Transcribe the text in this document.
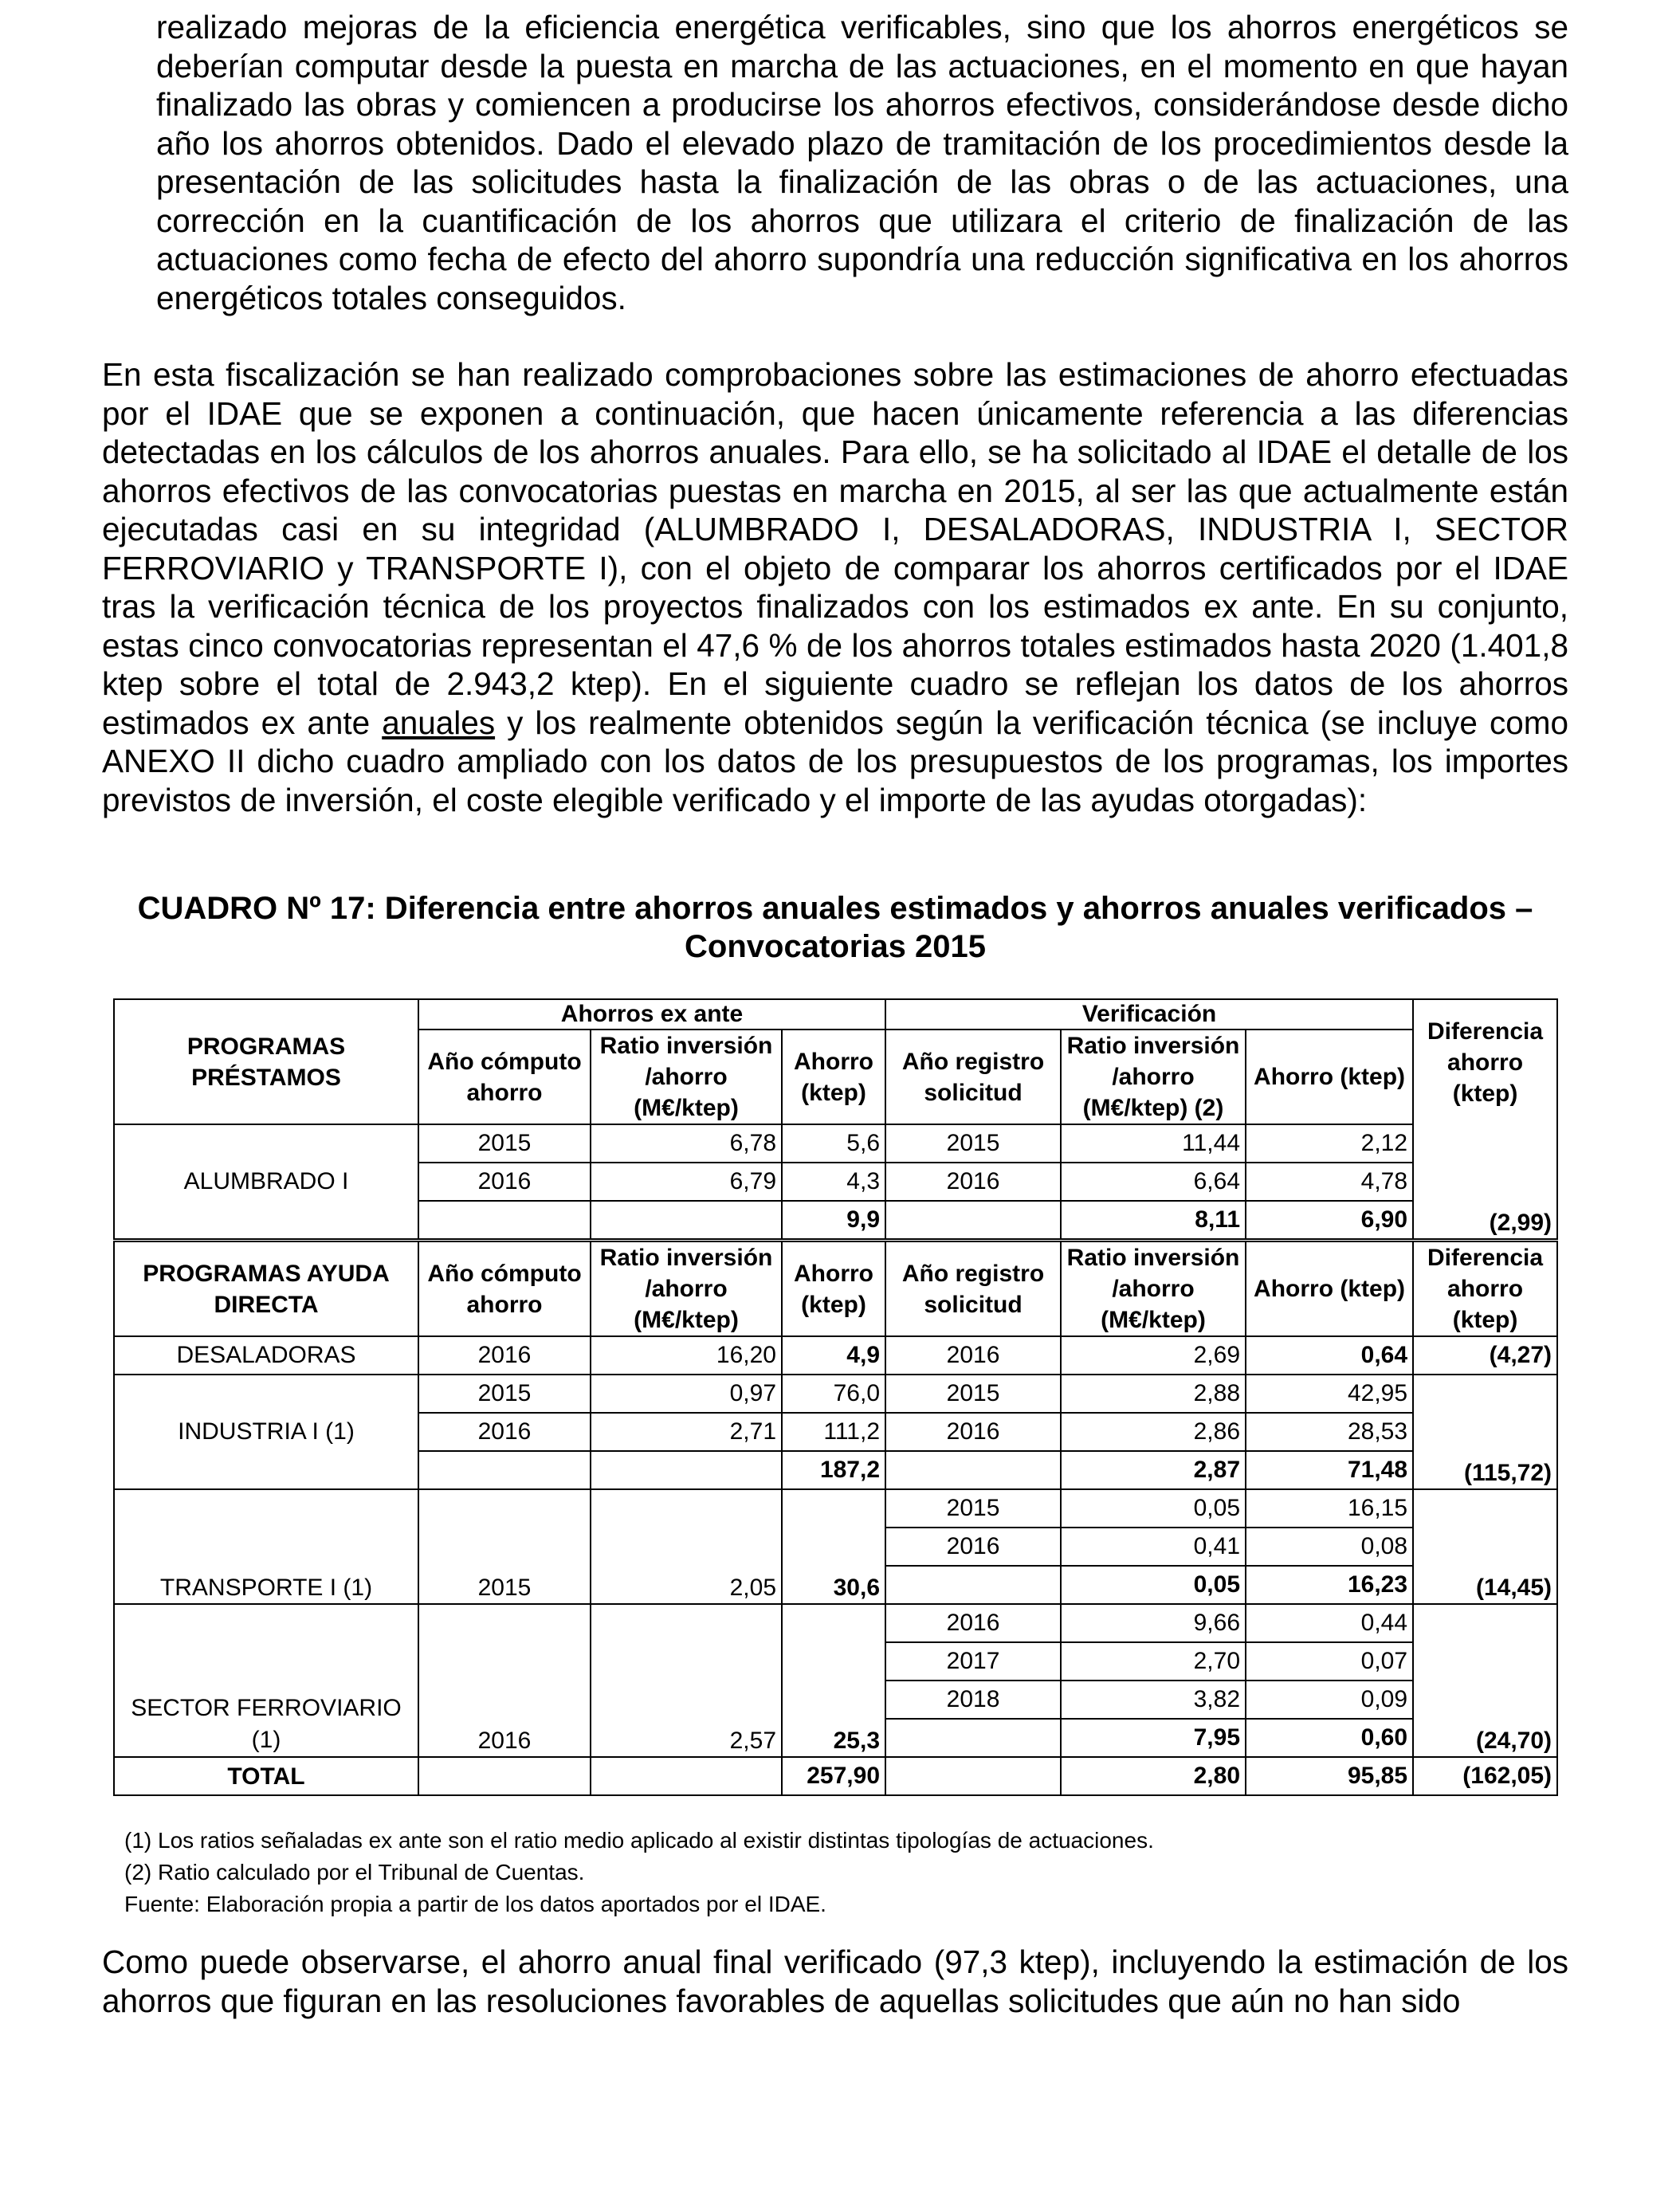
realizado mejoras de la eficiencia energética verificables, sino que los ahorros energéticos se deberían computar desde la puesta en marcha de las actuaciones, en el momento en que hayan finalizado las obras y comiencen a producirse los ahorros efectivos, considerándose desde dicho año los ahorros obtenidos. Dado el elevado plazo de tramitación de los procedimientos desde la presentación de las solicitudes hasta la finalización de las obras o de las actuaciones, una corrección en la cuantificación de los ahorros que utilizara el criterio de finalización de las actuaciones como fecha de efecto del ahorro supondría una reducción significativa en los ahorros energéticos totales conseguidos.

En esta fiscalización se han realizado comprobaciones sobre las estimaciones de ahorro efectuadas por el IDAE que se exponen a continuación, que hacen únicamente referencia a las diferencias detectadas en los cálculos de los ahorros anuales. Para ello, se ha solicitado al IDAE el detalle de los ahorros efectivos de las convocatorias puestas en marcha en 2015, al ser las que actualmente están ejecutadas casi en su integridad (ALUMBRADO I, DESALADORAS, INDUSTRIA I, SECTOR FERROVIARIO y TRANSPORTE I), con el objeto de comparar los ahorros certificados por el IDAE tras la verificación técnica de los proyectos finalizados con los estimados ex ante. En su conjunto, estas cinco convocatorias representan el 47,6 % de los ahorros totales estimados hasta 2020 (1.401,8 ktep sobre el total de 2.943,2 ktep). En el siguiente cuadro se reflejan los datos de los ahorros estimados ex ante anuales y los realmente obtenidos según la verificación técnica (se incluye como ANEXO II dicho cuadro ampliado con los datos de los presupuestos de los programas, los importes previstos de inversión, el coste elegible verificado y el importe de las ayudas otorgadas):

CUADRO Nº 17: Diferencia entre ahorros anuales estimados y ahorros anuales verificados –
Convocatorias 2015
PROGRAMAS PRÉSTAMOS	Ahorros ex ante			Verificación			Diferencia ahorro (ktep)
	Año cómputo ahorro	Ratio inversión /ahorro (M€/ktep)	Ahorro (ktep)	Año registro solicitud	Ratio inversión /ahorro (M€/ktep) (2)	Ahorro (ktep)	

ALUMBRADO I	2015	6,78	5,6	2015	11,44	2,12	(2,99)
	2016	6,79	4,3	2016	6,64	4,78	
			9,9		8,11	6,90	
PROGRAMAS AYUDA DIRECTA	Año cómputo ahorro	Ratio inversión /ahorro (M€/ktep)	Ahorro (ktep)	Año registro solicitud	Ratio inversión /ahorro (M€/ktep)	Ahorro (ktep)	Diferencia ahorro (ktep)

DESALADORAS	2016	16,20	4,9	2016	2,69	0,64	(4,27)
INDUSTRIA I (1)	2015	0,97	76,0	2015	2,88	42,95	(115,72)
	2016	2,71	111,2	2016	2,86	28,53	
			187,2		2,87	71,48	
TRANSPORTE I (1)	2015	2,05	30,6	2015	0,05	16,15	(14,45)
				2016	0,41	0,08	
					0,05	16,23	
SECTOR FERROVIARIO (1)	2016	2,57	25,3	2016	9,66	0,44	(24,70)
				2017	2,70	0,07	
				2018	3,82	0,09	
					7,95	0,60	
TOTAL			257,90		2,80	95,85	(162,05)
(1) Los ratios señaladas ex ante son el ratio medio aplicado al existir distintas tipologías de actuaciones.
(2) Ratio calculado por el Tribunal de Cuentas.
Fuente: Elaboración propia a partir de los datos aportados por el IDAE.

Como puede observarse, el ahorro anual final verificado (97,3 ktep), incluyendo la estimación de los ahorros que figuran en las resoluciones favorables de aquellas solicitudes que aún no han sido
